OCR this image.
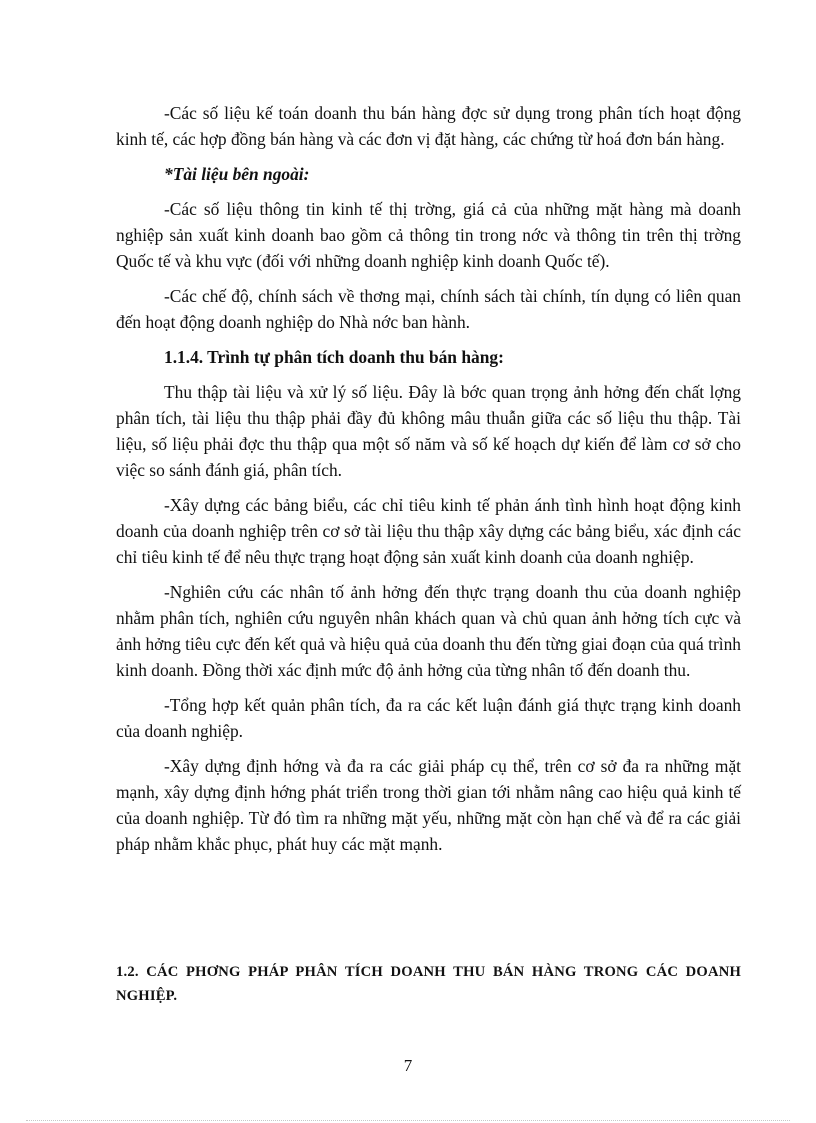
-Các số liệu kế toán doanh thu bán hàng đợc sử dụng trong phân tích hoạt động kinh tế, các hợp đồng bán hàng và các đơn vị đặt hàng, các chứng từ hoá đơn bán hàng.

*Tài liệu bên ngoài:

-Các số liệu thông tin kinh tế thị trờng, giá cả của những mặt hàng mà doanh nghiệp sản xuất kinh doanh bao gồm cả thông tin trong nớc và thông tin trên thị trờng Quốc tế và khu vực (đối với những doanh nghiệp kinh doanh Quốc tế).

-Các chế độ, chính sách về thơng mại, chính sách tài chính, tín dụng có liên quan đến hoạt động doanh nghiệp do Nhà nớc ban hành.

1.1.4. Trình tự phân tích doanh thu bán hàng:

Thu thập tài liệu và xử lý số liệu. Đây là bớc quan trọng ảnh hởng đến chất lợng phân tích, tài liệu thu thập phải đầy đủ không mâu thuẫn giữa các số liệu thu thập. Tài liệu, số liệu phải đợc thu thập qua một số năm và số kế hoạch dự kiến để làm cơ sở cho việc so sánh đánh giá, phân tích.

-Xây dựng các bảng biểu, các chỉ tiêu kinh tế phản ánh tình hình hoạt động kinh doanh của doanh nghiệp trên cơ sở tài liệu thu thập xây dựng các bảng biểu, xác định các chỉ tiêu kinh tế để nêu thực trạng hoạt động sản xuất kinh doanh của doanh nghiệp.

-Nghiên cứu các nhân tố ảnh hởng đến thực trạng doanh thu của doanh nghiệp nhằm phân tích, nghiên cứu nguyên nhân khách quan và chủ quan ảnh hởng tích cực và ảnh hởng tiêu cực đến kết quả và hiệu quả của doanh thu đến từng giai đoạn của quá trình kinh doanh. Đồng thời xác định mức độ ảnh hởng của từng nhân tố đến doanh thu.

-Tổng hợp kết quản phân tích, đa ra các kết luận đánh giá thực trạng kinh doanh của doanh nghiệp.

-Xây dựng định hớng và đa ra các giải pháp cụ thể, trên cơ sở đa ra những mặt mạnh, xây dựng định hớng phát triển trong thời gian tới nhằm nâng cao hiệu quả kinh tế của doanh nghiệp. Từ đó tìm ra những mặt yếu, những mặt còn hạn chế và để ra các giải pháp nhằm khắc phục, phát huy các mặt mạnh.

1.2. CÁC PHƠNG PHÁP PHÂN TÍCH DOANH THU BÁN HÀNG TRONG CÁC DOANH NGHIỆP.
7
